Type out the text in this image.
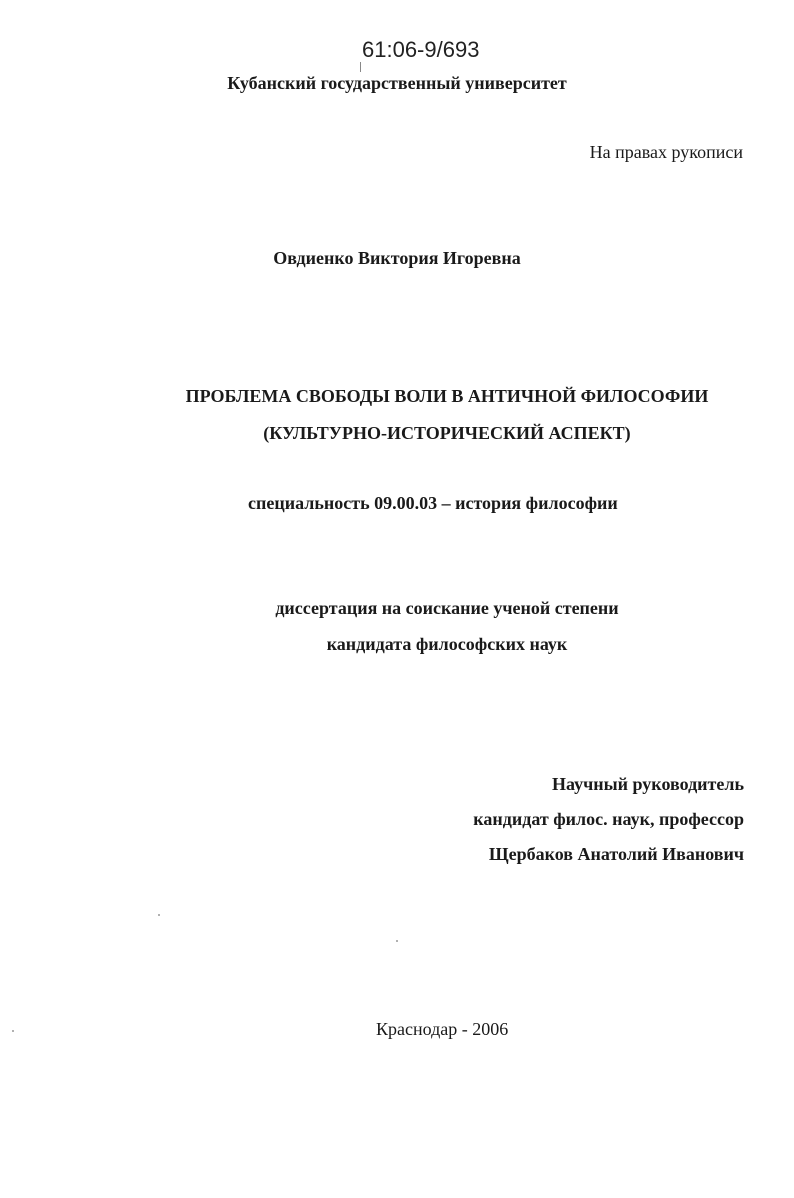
61:06-9/693
Кубанский государственный университет
На правах рукописи
Овдиенко Виктория Игоревна
ПРОБЛЕМА СВОБОДЫ ВОЛИ В АНТИЧНОЙ ФИЛОСОФИИ
(КУЛЬТУРНО-ИСТОРИЧЕСКИЙ АСПЕКТ)
специальность 09.00.03 – история философии
диссертация на соискание ученой степени
кандидата философских наук
Научный руководитель
кандидат филос. наук, профессор
Щербаков Анатолий Иванович
Краснодар - 2006
